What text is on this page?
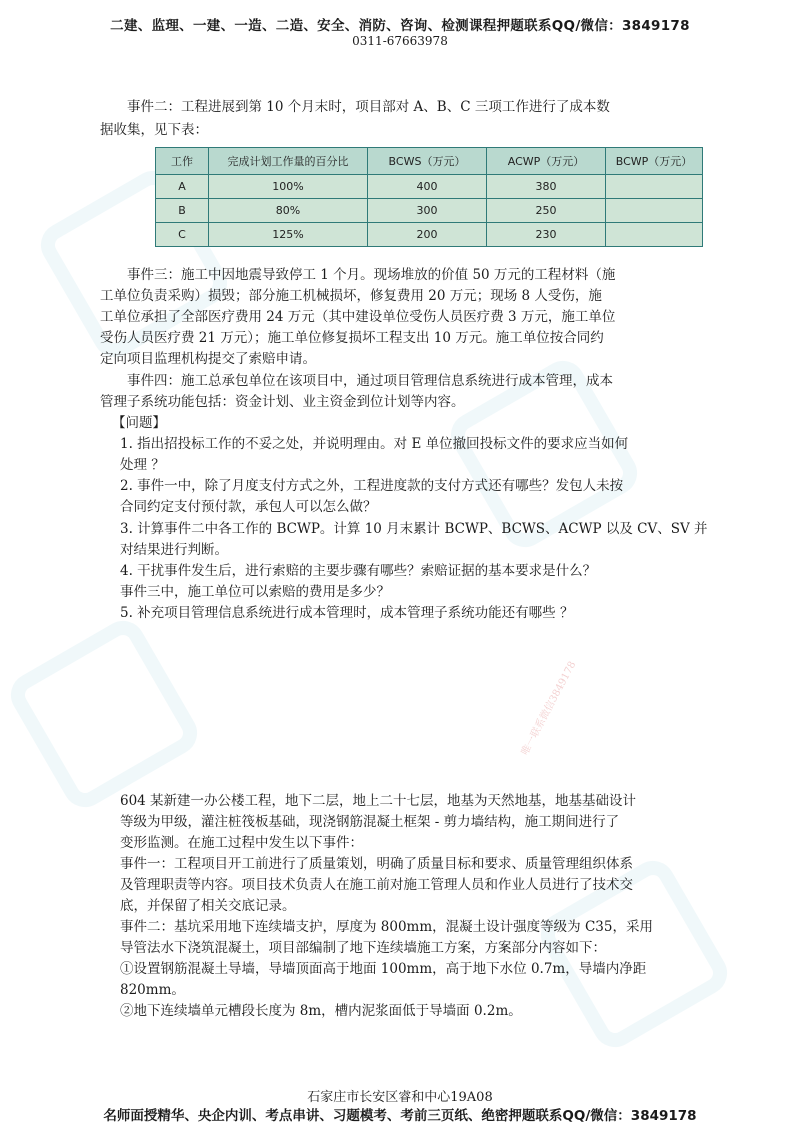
唯一联系微信3849178
二建、监理、一建、一造、二造、安全、消防、咨询、检测课程押题联系QQ/微信：3849178
0311-67663978
　　事件二：工程进展到第 10 个月末时，项目部对 A、B、C 三项工作进行了成本数
据收集，见下表：
工作	完成计划工作量的百分比	BCWS（万元）	ACWP（万元）	BCWP（万元）
A	100%	400	380	
B	80%	300	250	
C	125%	200	230	
　　事件三：施工中因地震导致停工 1 个月。现场堆放的价值 50 万元的工程材料（施
工单位负责采购）损毁；部分施工机械损坏，修复费用 20 万元；现场 8 人受伤，施
工单位承担了全部医疗费用 24 万元（其中建设单位受伤人员医疗费 3 万元，施工单位
受伤人员医疗费 21 万元）；施工单位修复损坏工程支出 10 万元。施工单位按合同约
定向项目监理机构提交了索赔申请。
　　事件四：施工总承包单位在该项目中，通过项目管理信息系统进行成本管理，成本
管理子系统功能包括：资金计划、业主资金到位计划等内容。
【问题】
1. 指出招投标工作的不妥之处，并说明理由。对 E 单位撤回投标文件的要求应当如何
处理 ？
2. 事件一中，除了月度支付方式之外，工程进度款的支付方式还有哪些？发包人未按
合同约定支付预付款，承包人可以怎么做？
3. 计算事件二中各工作的 BCWP。计算 10 月末累计 BCWP、BCWS、ACWP 以及 CV、SV 并
对结果进行判断。
4. 干扰事件发生后，进行索赔的主要步骤有哪些？索赔证据的基本要求是什么？
事件三中，施工单位可以索赔的费用是多少？
5. 补充项目管理信息系统进行成本管理时，成本管理子系统功能还有哪些 ？
604 某新建一办公楼工程，地下二层，地上二十七层，地基为天然地基，地基基础设计
等级为甲级，灌注桩筏板基础，现浇钢筋混凝土框架 - 剪力墙结构，施工期间进行了
变形监测。在施工过程中发生以下事件：
事件一：工程项目开工前进行了质量策划，明确了质量目标和要求、质量管理组织体系
及管理职责等内容。项目技术负责人在施工前对施工管理人员和作业人员进行了技术交
底，并保留了相关交底记录。
事件二：基坑采用地下连续墙支护，厚度为 800mm，混凝土设计强度等级为 C35，采用
导管法水下浇筑混凝土，项目部编制了地下连续墙施工方案，方案部分内容如下：
①设置钢筋混凝土导墙，导墙顶面高于地面 100mm，高于地下水位 0.7m，导墙内净距
820mm。
②地下连续墙单元槽段长度为 8m，槽内泥浆面低于导墙面 0.2m。
石家庄市长安区睿和中心19A08
名师面授精华、央企内训、考点串讲、习题模考、考前三页纸、绝密押题联系QQ/微信：3849178
